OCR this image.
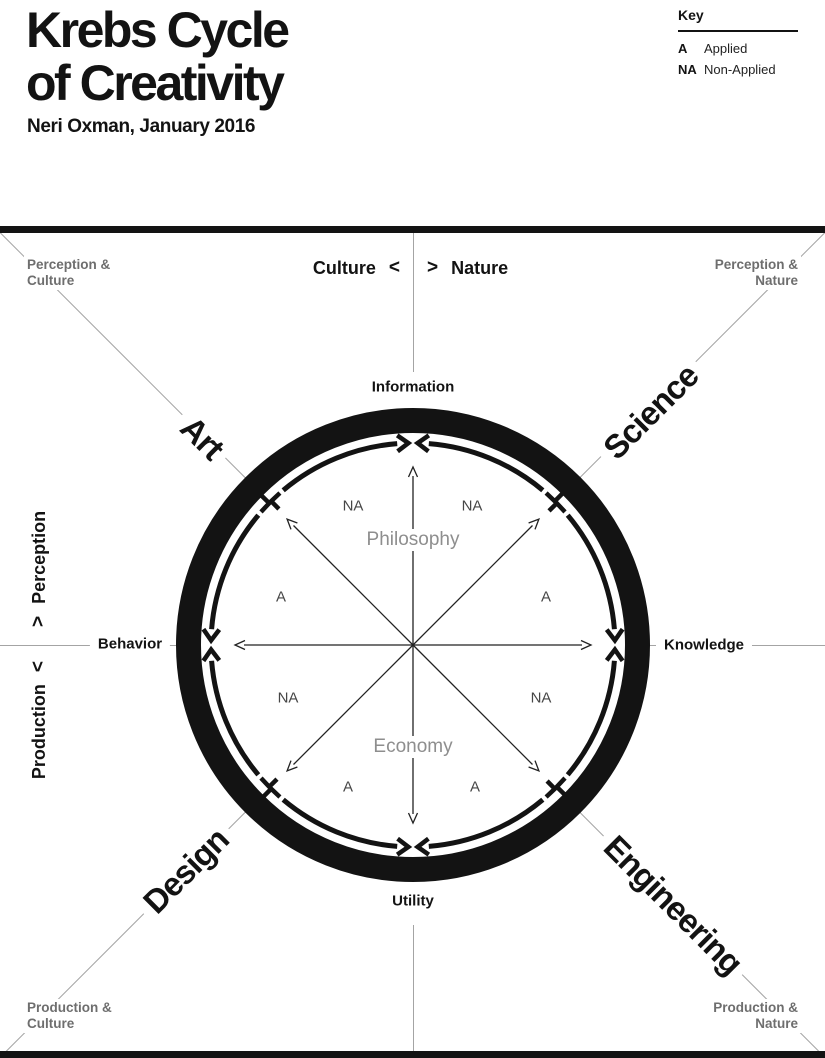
Krebs Cycle
of Creativity
Neri Oxman, January 2016
Key
A	Applied
NA Non-Applied
Perception &
Culture
Perception &
Nature
Production &
Culture
Production &
Nature
Culture < > Nature
Production
<
>
Perception
Art	Science
Design	Engineering
Information
Knowledge
Utility
Behavior
Philosophy
Economy
NA	NA
A	A
NA	NA
A	A
